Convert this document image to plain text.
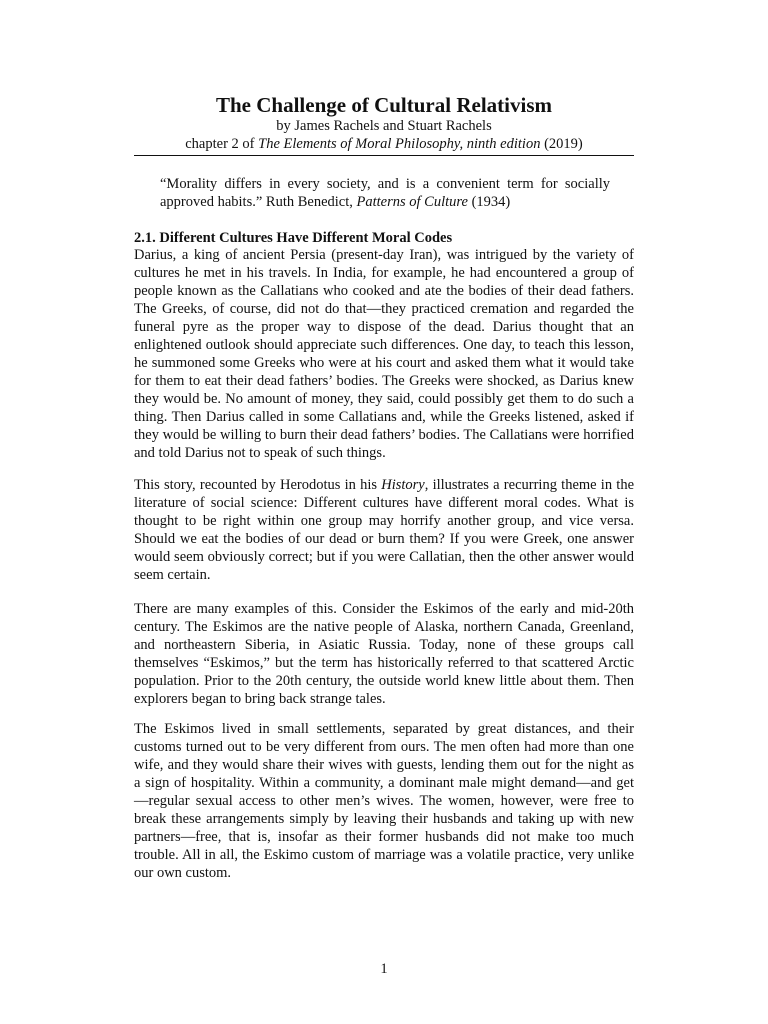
The Challenge of Cultural Relativism

by James Rachels and Stuart Rachels

chapter 2 of The Elements of Moral Philosophy, ninth edition (2019)

“Morality differs in every society, and is a convenient term for socially approved habits.” Ruth Benedict, Patterns of Culture (1934)

2.1. Different Cultures Have Different Moral Codes

Darius, a king of ancient Persia (present-day Iran), was intrigued by the variety of cultures he met in his travels. In India, for example, he had encountered a group of people known as the Callatians who cooked and ate the bodies of their dead fathers. The Greeks, of course, did not do that—they practiced cremation and regarded the funeral pyre as the proper way to dispose of the dead. Darius thought that an enlightened outlook should appreciate such differences. One day, to teach this lesson, he summoned some Greeks who were at his court and asked them what it would take for them to eat their dead fathers’ bodies. The Greeks were shocked, as Darius knew they would be. No amount of money, they said, could possibly get them to do such a thing. Then Darius called in some Callatians and, while the Greeks listened, asked if they would be willing to burn their dead fathers’ bodies. The Callatians were horrified and told Darius not to speak of such things.

This story, recounted by Herodotus in his History, illustrates a recurring theme in the literature of social science: Different cultures have different moral codes. What is thought to be right within one group may horrify another group, and vice versa. Should we eat the bodies of our dead or burn them? If you were Greek, one answer would seem obviously correct; but if you were Callatian, then the other answer would seem certain.

There are many examples of this. Consider the Eskimos of the early and mid-20th century. The Eskimos are the native people of Alaska, northern Canada, Greenland, and northeastern Siberia, in Asiatic Russia. Today, none of these groups call themselves “Eskimos,” but the term has historically referred to that scattered Arctic population. Prior to the 20th century, the outside world knew little about them. Then explorers began to bring back strange tales.

The Eskimos lived in small settlements, separated by great distances, and their customs turned out to be very different from ours. The men often had more than one wife, and they would share their wives with guests, lending them out for the night as a sign of hospitality. Within a community, a dominant male might demand—and get—regular sexual access to other men’s wives. The women, however, were free to break these arrangements simply by leaving their husbands and taking up with new partners—free, that is, insofar as their former husbands did not make too much trouble. All in all, the Eskimo custom of marriage was a volatile practice, very unlike our own custom.

1
